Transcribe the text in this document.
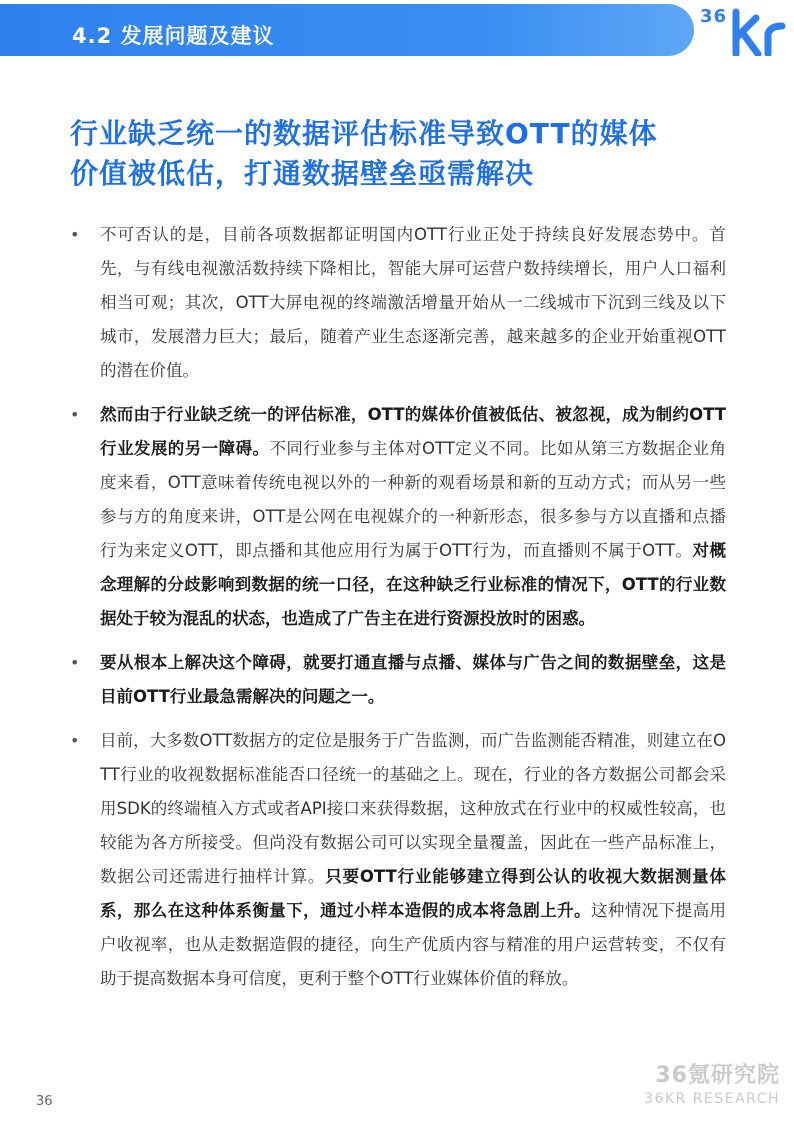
4.2 发展问题及建议
36
行业缺乏统一的数据评估标准导致OTT的媒体
价值被低估，打通数据壁垒亟需解决

• 不可否认的是，目前各项数据都证明国内OTT行业正处于持续良好发展态势中。首先，与有线电视激活数持续下降相比，智能大屏可运营户数持续增长，用户人口福利相当可观；其次，OTT大屏电视的终端激活增量开始从一二线城市下沉到三线及以下城市，发展潜力巨大；最后，随着产业生态逐渐完善，越来越多的企业开始重视OTT的潜在价值。

• 然而由于行业缺乏统一的评估标准，OTT的媒体价值被低估、被忽视，成为制约OTT行业发展的另一障碍。不同行业参与主体对OTT定义不同。比如从第三方数据企业角度来看，OTT意味着传统电视以外的一种新的观看场景和新的互动方式；而从另一些参与方的角度来讲，OTT是公网在电视媒介的一种新形态，很多参与方以直播和点播行为来定义OTT，即点播和其他应用行为属于OTT行为，而直播则不属于OTT。对概念理解的分歧影响到数据的统一口径，在这种缺乏行业标准的情况下，OTT的行业数据处于较为混乱的状态，也造成了广告主在进行资源投放时的困惑。

• 要从根本上解决这个障碍，就要打通直播与点播、媒体与广告之间的数据壁垒，这是目前OTT行业最急需解决的问题之一。

• 目前，大多数OTT数据方的定位是服务于广告监测，而广告监测能否精准，则建立在OTT行业的收视数据标准能否口径统一的基础之上。现在，行业的各方数据公司都会采用SDK的终端植入方式或者API接口来获得数据，这种放式在行业中的权威性较高，也较能为各方所接受。但尚没有数据公司可以实现全量覆盖，因此在一些产品标准上，数据公司还需进行抽样计算。只要OTT行业能够建立得到公认的收视大数据测量体系，那么在这种体系衡量下，通过小样本造假的成本将急剧上升。这种情况下提高用户收视率，也从走数据造假的捷径，向生产优质内容与精准的用户运营转变，不仅有助于提高数据本身可信度，更利于整个OTT行业媒体价值的释放。

36氪研究院
36KR RESEARCH
36
